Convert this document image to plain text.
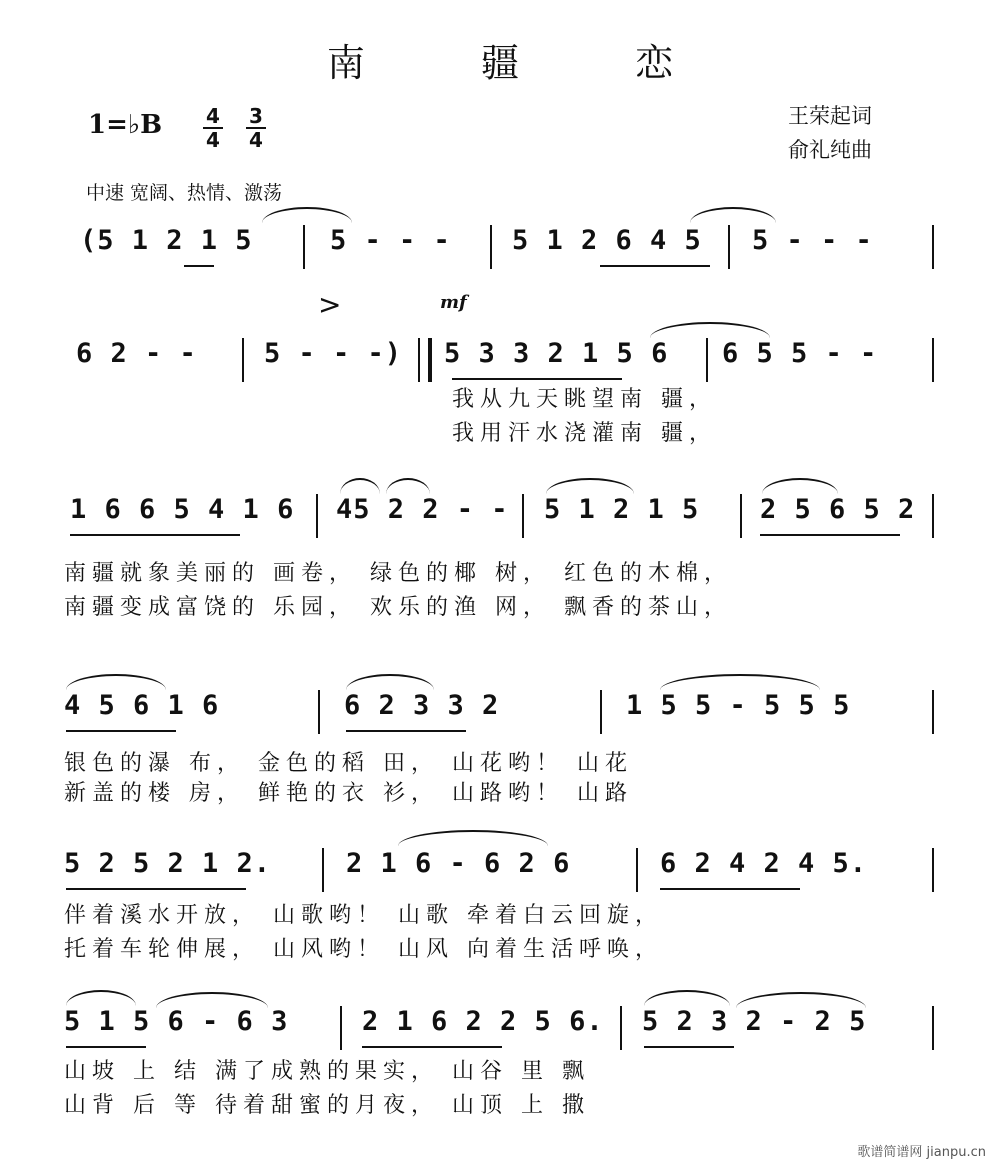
南 疆 恋
1=♭B 4
4
3
4
王荣起词
俞礼纯曲
中速 宽阔、热情、激荡
(5 1 2 1 5	5 - - - 5 1 2 6 4 5 5 - - -
>	mf
6 2 - - 5 - - -) 5 3 3 2 1 5 6 6 5 5 - -
我从九天眺望南 疆，
我用汗水浇灌南 疆，
1 6 6 5 4 1 6 45 2 2 - - 5 1 2 1 5 2 5 6 5 2
南疆就象美丽的 画卷， 绿色的椰 树， 红色的木棉，
南疆变成富饶的 乐园， 欢乐的渔 网， 飘香的茶山，
4 5 6 1 6	6 2 3 3 2	1 5 5 - 5 5 5
银色的瀑 布， 金色的稻 田， 山花哟！ 山花
新盖的楼 房， 鲜艳的衣 衫， 山路哟！ 山路
5 2 5 2 1 2.	2 1 6 - 6 2 6	6 2 4 2 4 5.
伴着溪水开放， 山歌哟！ 山歌 牵着白云回旋，
托着车轮伸展， 山风哟！ 山风 向着生活呼唤，
5 1 5 6 - 6 3	2 1 6 2 2 5 6. 5 2 3 2 - 2 5
山坡 上 结 满了成熟的果实， 山谷 里 飘
山背 后 等 待着甜蜜的月夜， 山顶 上 撒
歌谱简谱网 jianpu.cn
